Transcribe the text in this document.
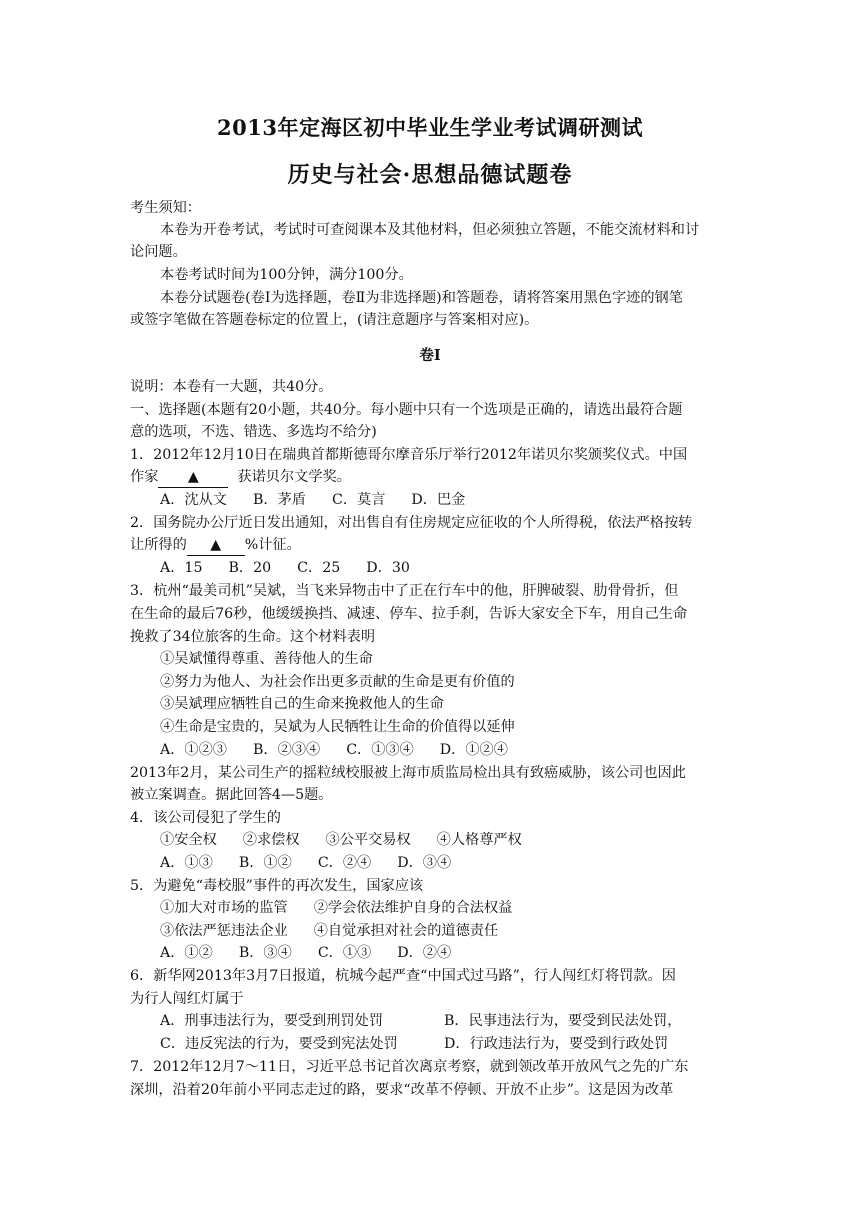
2013年定海区初中毕业生学业考试调研测试
历史与社会·思想品德试题卷
考生须知：
本卷为开卷考试，考试时可查阅课本及其他材料，但必须独立答题，不能交流材料和讨
论问题。
本卷考试时间为100分钟，满分100分。
本卷分试题卷(卷Ⅰ为选择题，卷Ⅱ为非选择题)和答题卷，请将答案用黑色字迹的钢笔
或签字笔做在答题卷标定的位置上，(请注意题序与答案相对应)。
卷Ⅰ
说明：本卷有一大题，共40分。
一、选择题(本题有20小题，共40分。每小题中只有一个选项是正确的，请选出最符合题
意的选项，不选、错选、多选均不给分)
1．2012年12月10日在瑞典首都斯德哥尔摩音乐厅举行2012年诺贝尔奖颁奖仪式。中国
作家 ▲	获诺贝尔文学奖。
A．沈从文 B．茅盾 C．莫言 D．巴金
2．国务院办公厅近日发出通知，对出售自有住房规定应征收的个人所得税，依法严格按转
让所得的 ▲ %计征。
A．15 B．20 C．25 D．30
3．杭州“最美司机”吴斌，当飞来异物击中了正在行车中的他，肝脾破裂、肋骨骨折，但
在生命的最后76秒，他缓缓换挡、减速、停车、拉手刹，告诉大家安全下车，用自己生命
挽救了34位旅客的生命。这个材料表明
①吴斌懂得尊重、善待他人的生命
②努力为他人、为社会作出更多贡献的生命是更有价值的
③吴斌理应牺牲自己的生命来挽救他人的生命
④生命是宝贵的，吴斌为人民牺牲让生命的价值得以延伸
A．①②③ B．②③④ C．①③④ D．①②④
2013年2月，某公司生产的摇粒绒校服被上海市质监局检出具有致癌威胁，该公司也因此
被立案调查。据此回答4—5题。
4．该公司侵犯了学生的
①安全权 ②求偿权 ③公平交易权 ④人格尊严权
A．①③ B．①② C．②④ D．③④
5．为避免“毒校服”事件的再次发生，国家应该
①加大对市场的监管 ②学会依法维护自身的合法权益
③依法严惩违法企业 ④自觉承担对社会的道德责任
A．①② B．③④ C．①③ D．②④
6．新华网2013年3月7日报道，杭城今起严查“中国式过马路”，行人闯红灯将罚款。因
为行人闯红灯属于
A．刑事违法行为，要受到刑罚处罚	B．民事违法行为，要受到民法处罚，
C．违反宪法的行为，要受到宪法处罚	D．行政违法行为，要受到行政处罚
7．2012年12月7～11日，习近平总书记首次离京考察，就到领改革开放风气之先的广东
深圳，沿着20年前小平同志走过的路，要求“改革不停顿、开放不止步”。这是因为改革
